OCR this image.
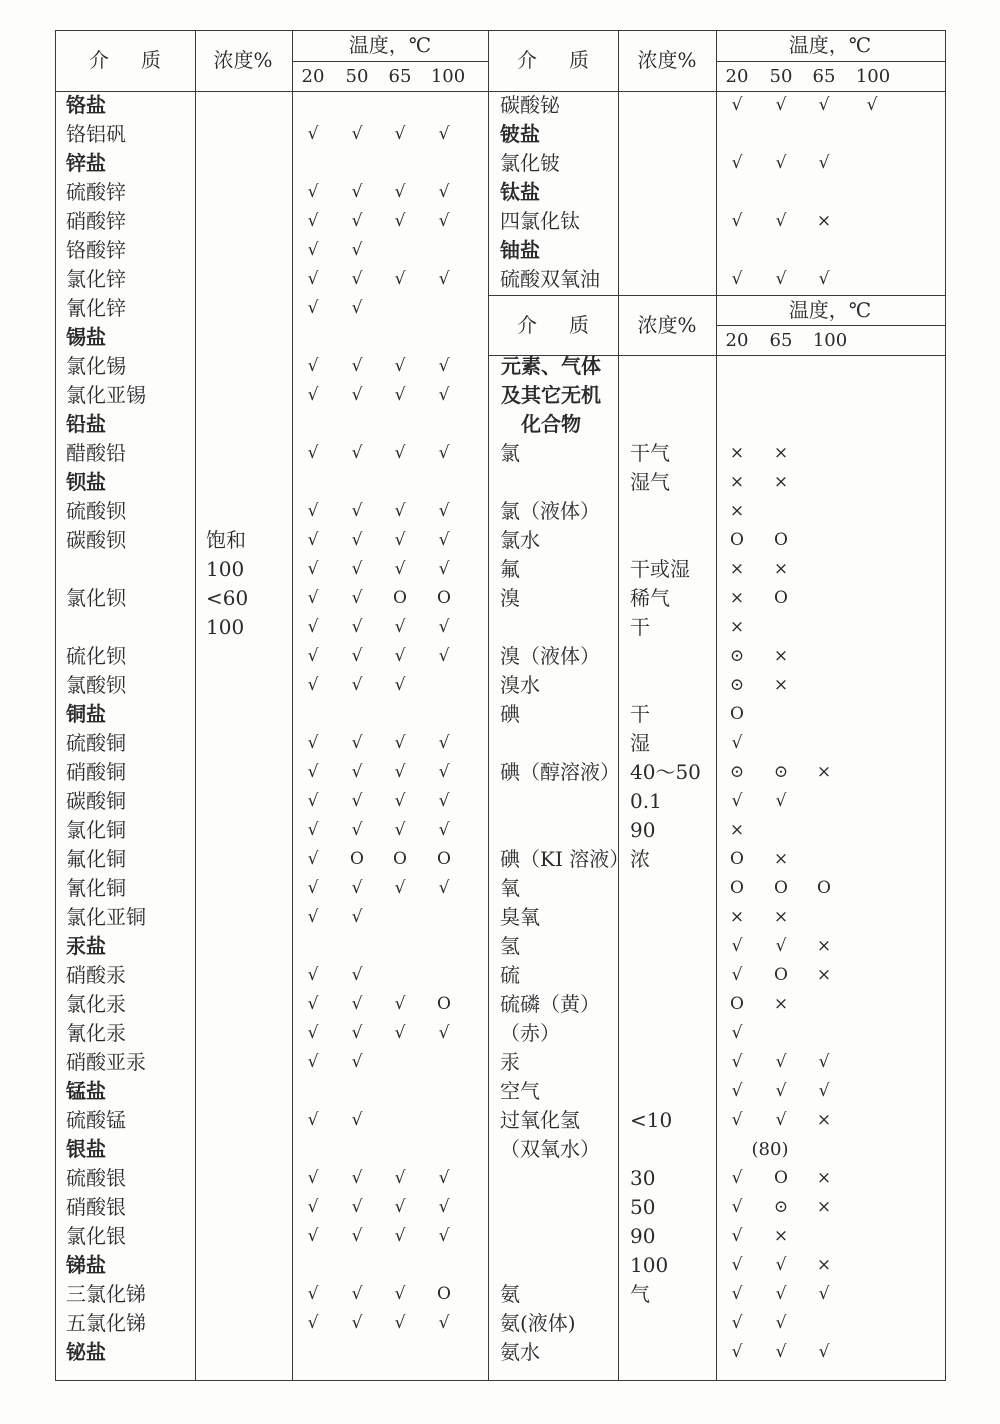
介　质 浓度%
温度，℃
20 50 65 100
介　质 浓度%
温度，℃
20 50 65 100
介　质 浓度%
温度，℃
20 65 100
铬盐
铬铝矾	√ √ √ √
锌盐
硫酸锌	√ √ √ √
硝酸锌	√ √ √ √
铬酸锌	√ √
氯化锌	√ √ √ √
氰化锌	√ √
锡盐
氯化锡	√ √ √ √
氯化亚锡	√ √ √ √
铅盐
醋酸铅	√ √ √ √
钡盐
硫酸钡	√ √ √ √
碳酸钡	饱和	√ √ √ √
100	√ √ √ √
氯化钡	<60	√ √ O O
100	√ √ √ √
硫化钡	√ √ √ √
氯酸钡	√ √ √
铜盐
硫酸铜	√ √ √ √
硝酸铜	√ √ √ √
碳酸铜	√ √ √ √
氯化铜	√ √ √ √
氟化铜	√ O O O
氰化铜	√ √ √ √
氯化亚铜	√ √
汞盐
硝酸汞	√ √
氯化汞	√ √ √ O
氰化汞	√ √ √ √
硝酸亚汞	√ √
锰盐
硫酸锰	√ √
银盐
硫酸银	√ √ √ √
硝酸银	√ √ √ √
氯化银	√ √ √ √
锑盐
三氯化锑	√ √ √ O
五氯化锑	√ √ √ √
铋盐
碳酸铋	√ √ √ √
铍盐
氯化铍	√ √ √
钛盐
四氯化钛	√ √ ×
铀盐
硫酸双氧油	√ √ √
元素、气体
及其它无机
化合物
氯	干气	× ×
湿气	× ×
氯（液体）	×
氯水	O O
氟	干或湿 × ×
溴	稀气	× O
干	×
溴（液体）	⊙ ×
溴水	⊙ ×
碘	干	O
湿	√
碘（醇溶液） 40～50 ⊙ ⊙ ×
0.1	√ √
90	×
碘（KI 溶液） 浓	O ×
氧	O O O
臭氧	× ×
氢	√ √ ×
硫	√ O ×
硫磷（黄）	O ×
（赤）	√
汞	√ √ √
空气	√ √ √
过氧化氢	<10	√ √ ×
（双氧水）	(80)
30	√ O ×
50	√ ⊙ ×
90	√ ×
100	√ √ ×
氨	气	√ √ √
氨(液体)	√ √
氨水	√ √ √
